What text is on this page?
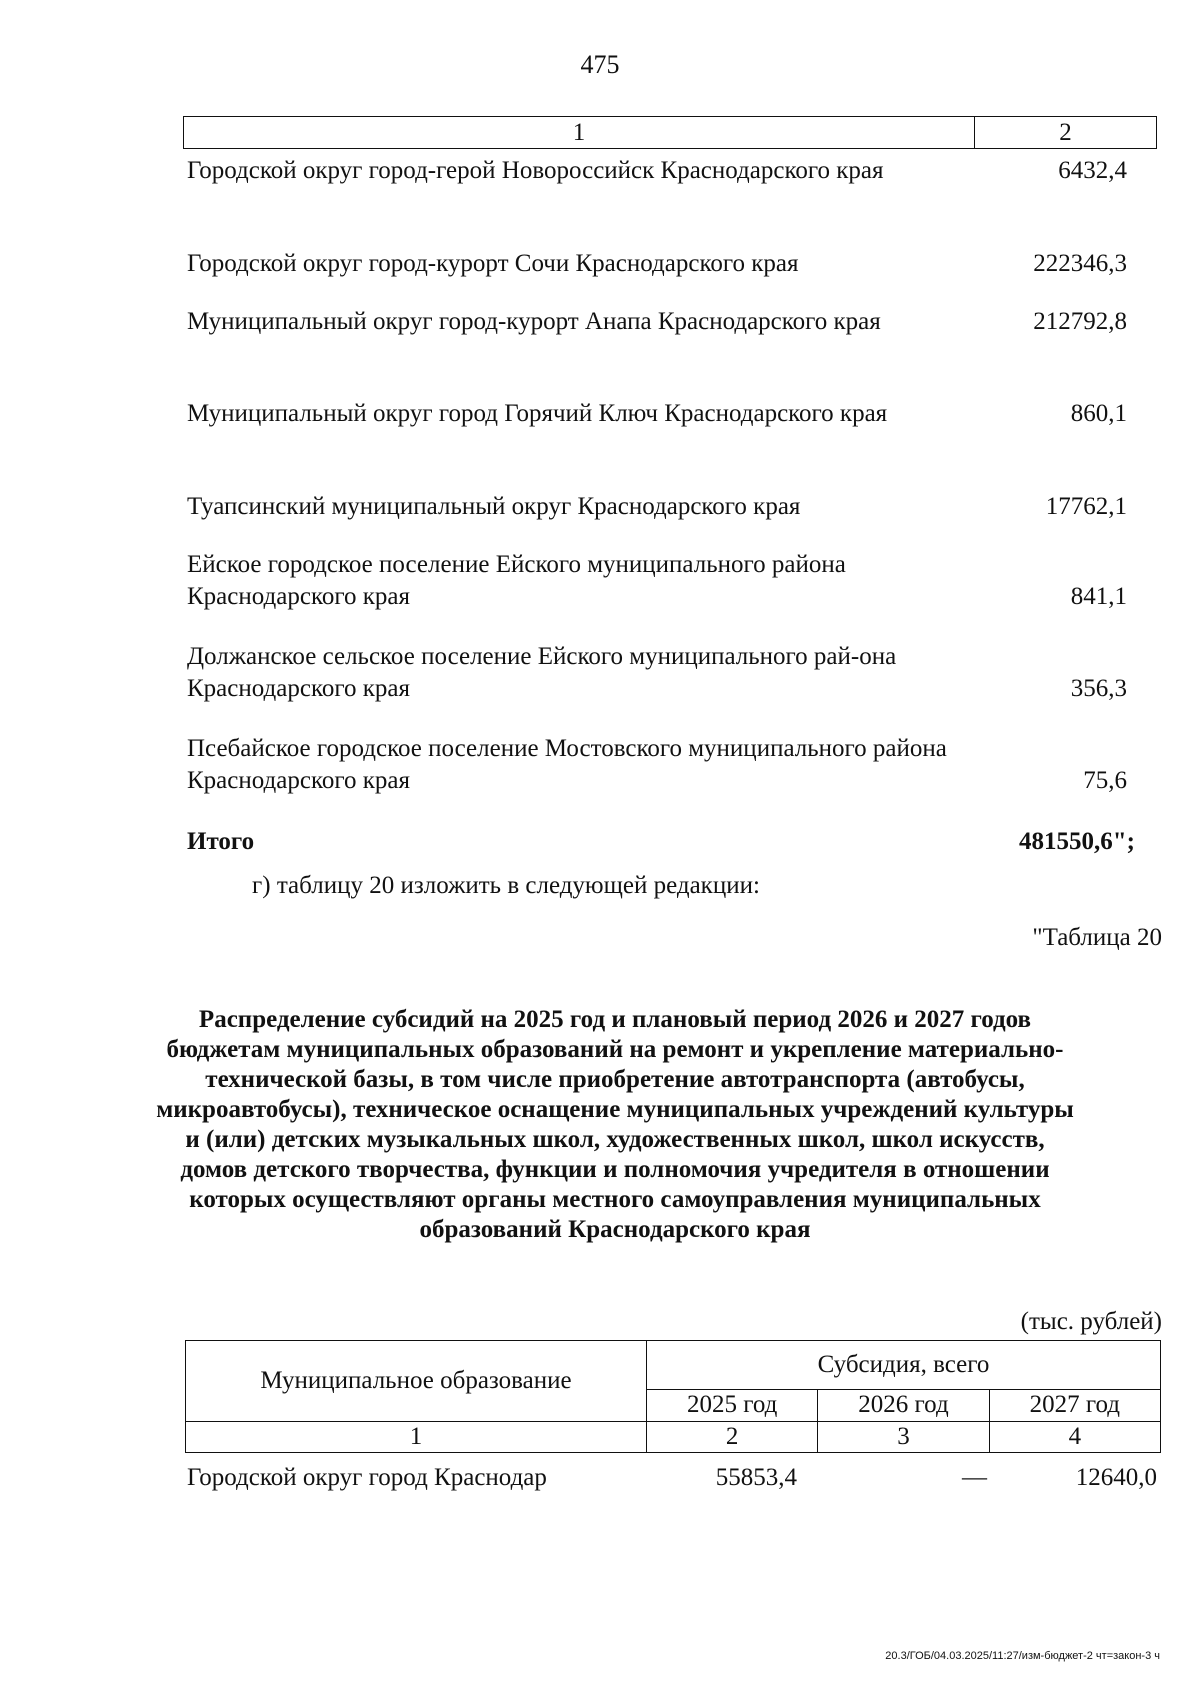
475
1	2
Городской округ город-герой Новороссийск Краснодарского края	6432,4
Городской округ город-курорт Сочи Краснодарского края	222346,3
Муниципальный округ город-курорт Анапа Краснодарского края	212792,8
Муниципальный округ город Горячий Ключ Краснодарского края	860,1
Туапсинский муниципальный округ Краснодарского края	17762,1
Ейское городское поселение Ейского муниципального района Краснодарского края	841,1
Должанское сельское поселение Ейского муниципального рай-она Краснодарского края	356,3
Псебайское городское поселение Мостовского муниципального района Краснодарского края	75,6
Итого	481550,6";
г) таблицу 20 изложить в следующей редакции:
"Таблица 20
Распределение субсидий на 2025 год и плановый период 2026 и 2027 годов бюджетам муниципальных образований на ремонт и укрепление материально-технической базы, в том числе приобретение автотранспорта (автобусы, микроавтобусы), техническое оснащение муниципальных учреждений культуры и (или) детских музыкальных школ, художественных школ, школ искусств, домов детского творчества, функции и полномочия учредителя в отношении которых осуществляют органы местного самоуправления муниципальных образований Краснодарского края
(тыс. рублей)
Муниципальное образование	Субсидия, всего		
	2025 год	2026 год	2027 год
1	2	3	4
Городской округ город Краснодар	55853,4	—	12640,0
20.3/ГОБ/04.03.2025/11:27/изм-бюджет-2 чт=закон-3 ч
